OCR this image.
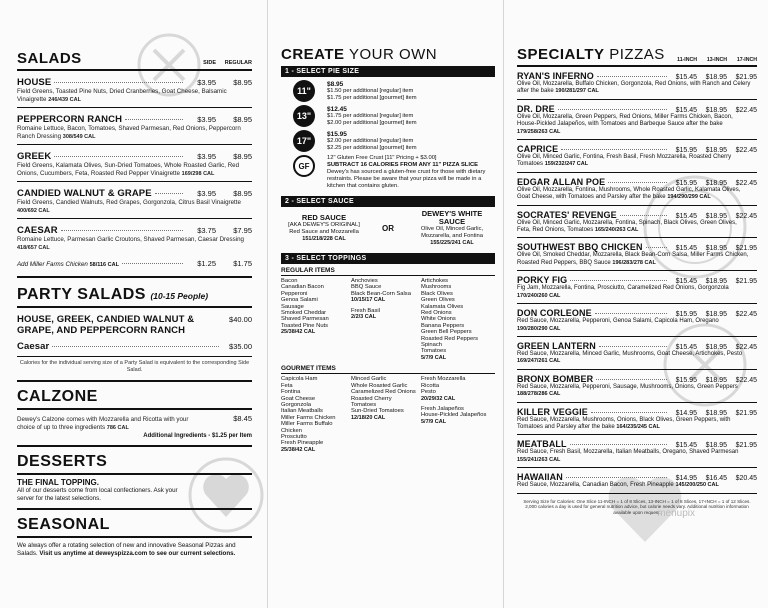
SALADS	SIDE	REGULAR
HOUSE	$3.95	$8.95
Field Greens, Toasted Pine Nuts, Dried Cranberries, Goat Cheese, Balsamic Vinaigrette 246/439 CAL
PEPPERCORN RANCH	$3.95	$8.95
Romaine Lettuce, Bacon, Tomatoes, Shaved Parmesan, Red Onions, Peppercorn Ranch Dressing 308/549 CAL
GREEK	$3.95	$8.95
Field Greens, Kalamata Olives, Sun-Dried Tomatoes, Whole Roasted Garlic, Red Onions, Cucumbers, Feta, Roasted Red Pepper Vinaigrette 169/298 CAL
CANDIED WALNUT & GRAPE	$3.95	$8.95
Field Greens, Candied Walnuts, Red Grapes, Gorgonzola, Citrus Basil Vinaigrette 400/692 CAL
CAESAR	$3.75	$7.95
Romaine Lettuce, Parmesan Garlic Croutons, Shaved Parmesan, Caesar Dressing 418/657 CAL
Add Miller Farms Chicken 58/116 CAL	$1.25	$1.75
PARTY SALADS (10-15 People)
HOUSE, GREEK, CANDIED WALNUT & GRAPE, AND PEPPERCORN RANCH
$40.00
Caesar	$35.00
Calories for the individual serving size of a Party Salad is equivalent to the corresponding Side Salad.
CALZONE
Dewey's Calzone comes with Mozzarella and Ricotta with your choice of up to three ingredients 786 CAL
$8.45
Additional Ingredients - $1.25 per Item
DESSERTS
THE FINAL TOPPING.
All of our desserts come from local confectioners. Ask your server for the latest selections.
SEASONAL
We always offer a rotating selection of new and innovative Seasonal Pizzas and Salads. Visit us anytime at deweyspizza.com to see our current selections.
CREATE YOUR OWN
1 - SELECT PIE SIZE
11"
$8.95
$1.50 per additional [regular] item
$1.75 per additional [gourmet] item
13"
$12.45
$1.75 per additional [regular] item
$2.00 per additional [gourmet] item
17"
$15.95
$2.00 per additional [regular] item
$2.25 per additional [gourmet] item
GF
12" Gluten Free Crust [11" Pricing + $3.00]
SUBTRACT 16 CALORIES FROM ANY 11" PIZZA SLICE
Dewey's has sourced a gluten-free crust for those with dietary restraints. Please be aware that your pizza will be made in a kitchen that contains gluten.
2 - SELECT SAUCE
RED SAUCE
[AKA DEWEY'S ORIGINAL]
Red Sauce and Mozzarella
151/218/228 CAL
OR
DEWEY'S WHITE SAUCE
Olive Oil, Minced Garlic, Mozzarella, and Fontina
155/225/241 CAL
3 - SELECT TOPPINGS
REGULAR ITEMS
Bacon
Canadian Bacon
Pepperoni
Genoa Salami
Sausage
Smoked Cheddar
Shaved Parmesan
Toasted Pine Nuts
25/38/42 CAL
Anchovies
BBQ Sauce
Black Bean-Corn Salsa
10/15/17 CAL
Fresh Basil
2/2/3 CAL
Artichokes
Mushrooms
Black Olives
Green Olives
Kalamata Olives
Red Onions
White Onions
Banana Peppers
Green Bell Peppers
Roasted Red Peppers
Spinach
Tomatoes
5/7/9 CAL
GOURMET ITEMS
Capicola Ham
Feta
Fontina
Goat Cheese
Gorgonzola
Italian Meatballs
Miller Farms Chicken
Miller Farms Buffalo Chicken
Prosciutto
Fresh Pineapple
25/38/42 CAL
Minced Garlic
Whole Roasted Garlic
Caramelized Red Onions
Roasted Cherry Tomatoes
Sun-Dried Tomatoes
12/18/20 CAL
Fresh Mozzarella
Ricotta
Pesto
20/29/32 CAL
Fresh Jalapeños
House-Pickled Jalapeños
5/7/9 CAL
SPECIALTY PIZZAS	11-INCH	13-INCH	17-INCH
RYAN'S INFERNO	$15.45	$18.95	$21.95
Olive Oil, Mozzarella, Buffalo Chicken, Gorgonzola, Red Onions, with Ranch and Celery after the bake 190/281/297 CAL
DR. DRE	$15.45	$18.95	$22.45
Olive Oil, Mozzarella, Green Peppers, Red Onions, Miller Farms Chicken, Bacon, House-Pickled Jalapeños, with Tomatoes and Barbeque Sauce after the bake 179/258/263 CAL
CAPRICE	$15.95	$18.95	$22.45
Olive Oil, Minced Garlic, Fontina, Fresh Basil, Fresh Mozzarella, Roasted Cherry Tomatoes 159/232/247 CAL
EDGAR ALLAN POE	$15.95	$18.95	$22.45
Olive Oil, Mozzarella, Fontina, Mushrooms, Whole Roasted Garlic, Kalamata Olives, Goat Cheese, with Tomatoes and Parsley after the bake 194/290/299 CAL
SOCRATES' REVENGE	$15.45	$18.95	$22.45
Olive Oil, Minced Garlic, Mozzarella, Fontina, Spinach, Black Olives, Green Olives, Feta, Red Onions, Tomatoes 165/240/263 CAL
SOUTHWEST BBQ CHICKEN	$15.45	$18.95	$21.95
Olive Oil, Smoked Cheddar, Mozzarella, Black Bean-Corn Salsa, Miller Farms Chicken, Roasted Red Peppers, BBQ Sauce 196/283/278 CAL
PORKY FIG	$15.45	$18.95	$21.95
Fig Jam, Mozzarella, Fontina, Prosciutto, Caramelized Red Onions, Gorgonzola 170/240/260 CAL
DON CORLEONE	$15.95	$18.95	$22.45
Red Sauce, Mozzarella, Pepperoni, Genoa Salami, Capicola Ham, Oregano 190/280/290 CAL
GREEN LANTERN	$15.45	$18.95	$22.45
Red Sauce, Mozzarella, Minced Garlic, Mushrooms, Goat Cheese, Artichokes, Pesto 169/247/261 CAL
BRONX BOMBER	$15.95	$18.95	$22.45
Red Sauce, Mozzarella, Pepperoni, Sausage, Mushrooms, Onions, Green Peppers 188/278/286 CAL
KILLER VEGGIE	$14.95	$18.95	$21.95
Red Sauce, Mozzarella, Mushrooms, Onions, Black Olives, Green Peppers, with Tomatoes and Parsley after the bake 164/235/245 CAL
MEATBALL	$15.45	$18.95	$21.95
Red Sauce, Fresh Basil, Mozzarella, Italian Meatballs, Oregano, Shaved Parmesan 155/241/263 CAL
HAWAIIAN	$14.95	$16.45	$20.45
Red Sauce, Mozzarella, Canadian Bacon, Fresh Pineapple 145/200/250 CAL
Serving Size for Calories: One Slice 11-INCH = 1 of 8 Slices, 13-INCH = 1 of 8 Slices, 17-INCH = 1 of 12 Slices. 2,000 calories a day is used for general nutrition advice, but calorie needs vary. Additional nutrition information available upon request.
menupix
